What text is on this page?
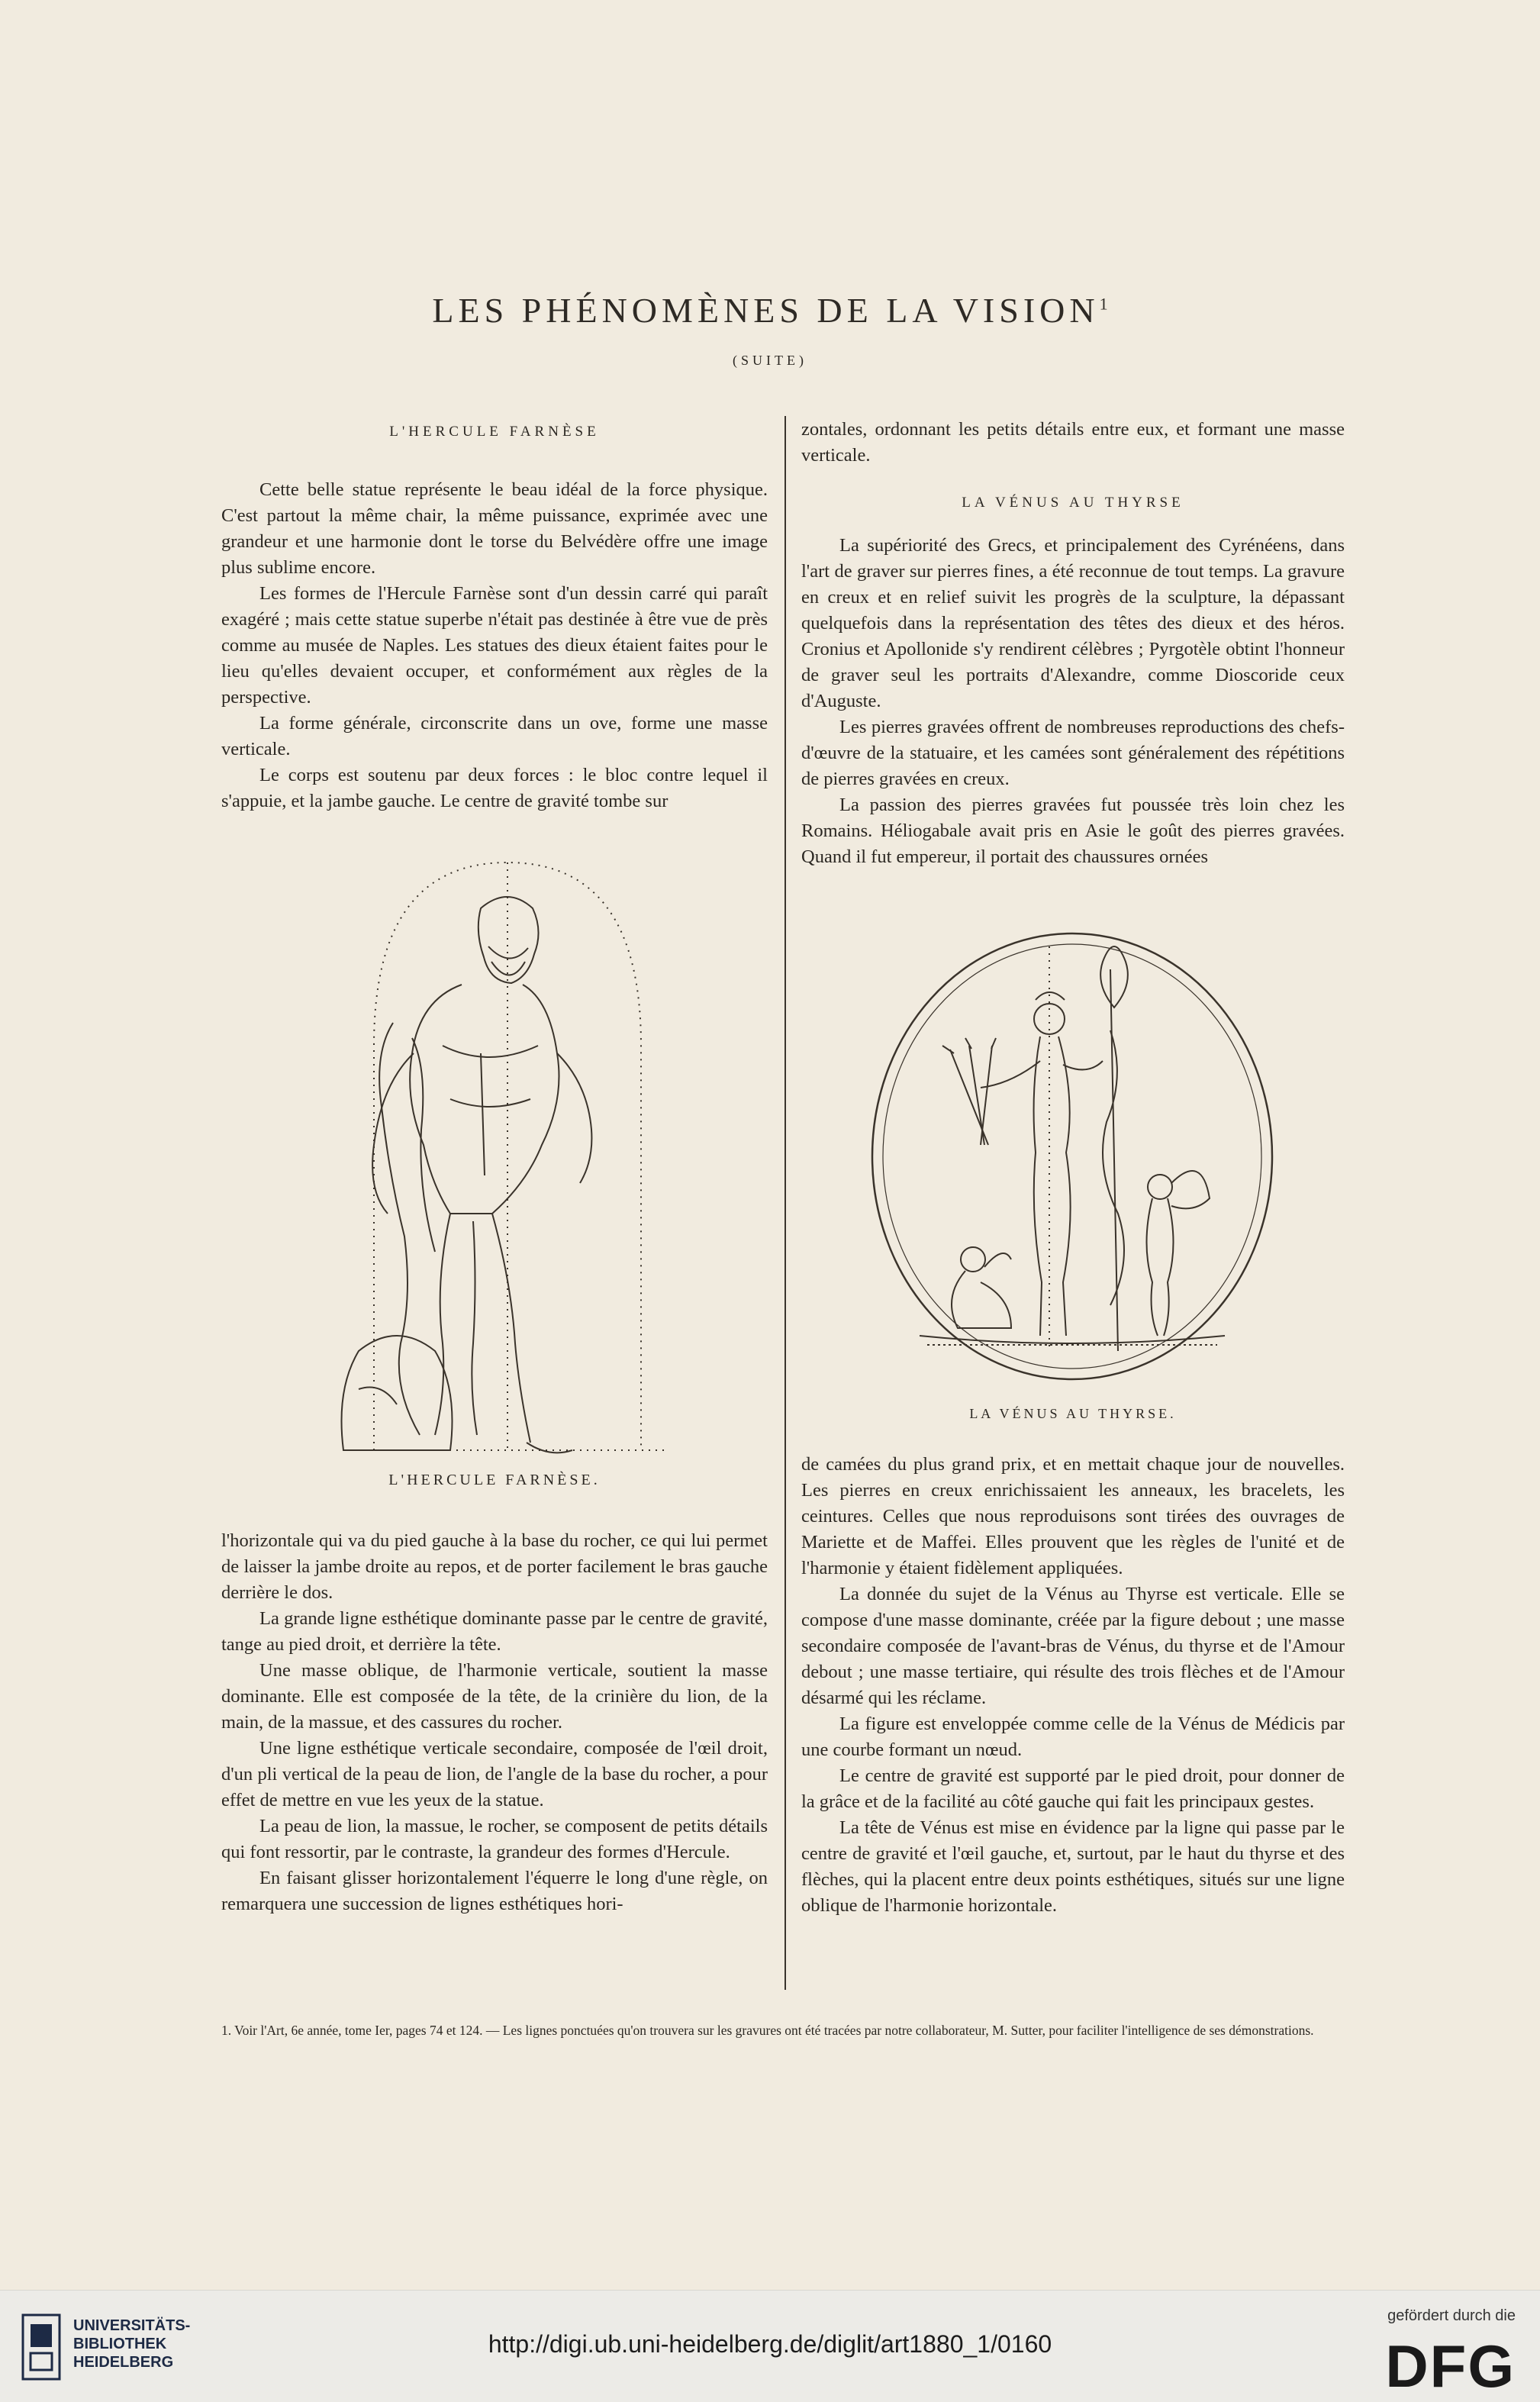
LES PHÉNOMÈNES DE LA VISION$^1$
(SUITE)

L'HERCULE FARNÈSE

Cette belle statue représente le beau idéal de la force physique. C'est partout la même chair, la même puissance, exprimée avec une grandeur et une harmonie dont le torse du Belvédère offre une image plus sublime encore.

Les formes de l'Hercule Farnèse sont d'un dessin carré qui paraît exagéré ; mais cette statue superbe n'était pas destinée à être vue de près comme au musée de Naples. Les statues des dieux étaient faites pour le lieu qu'elles devaient occuper, et conformément aux règles de la perspective.

La forme générale, circonscrite dans un ove, forme une masse verticale.

Le corps est soutenu par deux forces : le bloc contre lequel il s'appuie, et la jambe gauche. Le centre de gravité tombe sur

L'HERCULE FARNÈSE.

l'horizontale qui va du pied gauche à la base du rocher, ce qui lui permet de laisser la jambe droite au repos, et de porter facilement le bras gauche derrière le dos.

La grande ligne esthétique dominante passe par le centre de gravité, tange au pied droit, et derrière la tête.

Une masse oblique, de l'harmonie verticale, soutient la masse dominante. Elle est composée de la tête, de la crinière du lion, de la main, de la massue, et des cassures du rocher.

Une ligne esthétique verticale secondaire, composée de l'œil droit, d'un pli vertical de la peau de lion, de l'angle de la base du rocher, a pour effet de mettre en vue les yeux de la statue.

La peau de lion, la massue, le rocher, se composent de petits détails qui font ressortir, par le contraste, la grandeur des formes d'Hercule.

En faisant glisser horizontalement l'équerre le long d'une règle, on remarquera une succession de lignes esthétiques hori-

zontales, ordonnant les petits détails entre eux, et formant une masse verticale.

LA VÉNUS AU THYRSE

La supériorité des Grecs, et principalement des Cyrénéens, dans l'art de graver sur pierres fines, a été reconnue de tout temps. La gravure en creux et en relief suivit les progrès de la sculpture, la dépassant quelquefois dans la représentation des têtes des dieux et des héros. Cronius et Apollonide s'y rendirent célèbres ; Pyrgotèle obtint l'honneur de graver seul les portraits d'Alexandre, comme Dioscoride ceux d'Auguste.

Les pierres gravées offrent de nombreuses reproductions des chefs-d'œuvre de la statuaire, et les camées sont généralement des répétitions de pierres gravées en creux.

La passion des pierres gravées fut poussée très loin chez les Romains. Héliogabale avait pris en Asie le goût des pierres gravées. Quand il fut empereur, il portait des chaussures ornées

LA VÉNUS AU THYRSE.

de camées du plus grand prix, et en mettait chaque jour de nouvelles. Les pierres en creux enrichissaient les anneaux, les bracelets, les ceintures. Celles que nous reproduisons sont tirées des ouvrages de Mariette et de Maffei. Elles prouvent que les règles de l'unité et de l'harmonie y étaient fidèlement appliquées.

La donnée du sujet de la Vénus au Thyrse est verticale. Elle se compose d'une masse dominante, créée par la figure debout ; une masse secondaire composée de l'avant-bras de Vénus, du thyrse et de l'Amour debout ; une masse tertiaire, qui résulte des trois flèches et de l'Amour désarmé qui les réclame.

La figure est enveloppée comme celle de la Vénus de Médicis par une courbe formant un nœud.

Le centre de gravité est supporté par le pied droit, pour donner de la grâce et de la facilité au côté gauche qui fait les principaux gestes.

La tête de Vénus est mise en évidence par la ligne qui passe par le centre de gravité et l'œil gauche, et, surtout, par le haut du thyrse et des flèches, qui la placent entre deux points esthétiques, situés sur une ligne oblique de l'harmonie horizontale.

1. Voir l'Art, 6e année, tome Ier, pages 74 et 124. — Les lignes ponctuées qu'on trouvera sur les gravures ont été tracées par notre collaborateur, M. Sutter, pour faciliter l'intelligence de ses démonstrations.
UNIVERSITÄTS-
BIBLIOTHEK
HEIDELBERG
http://digi.ub.uni-heidelberg.de/diglit/art1880_1/0160
gefördert durch die
DFG
